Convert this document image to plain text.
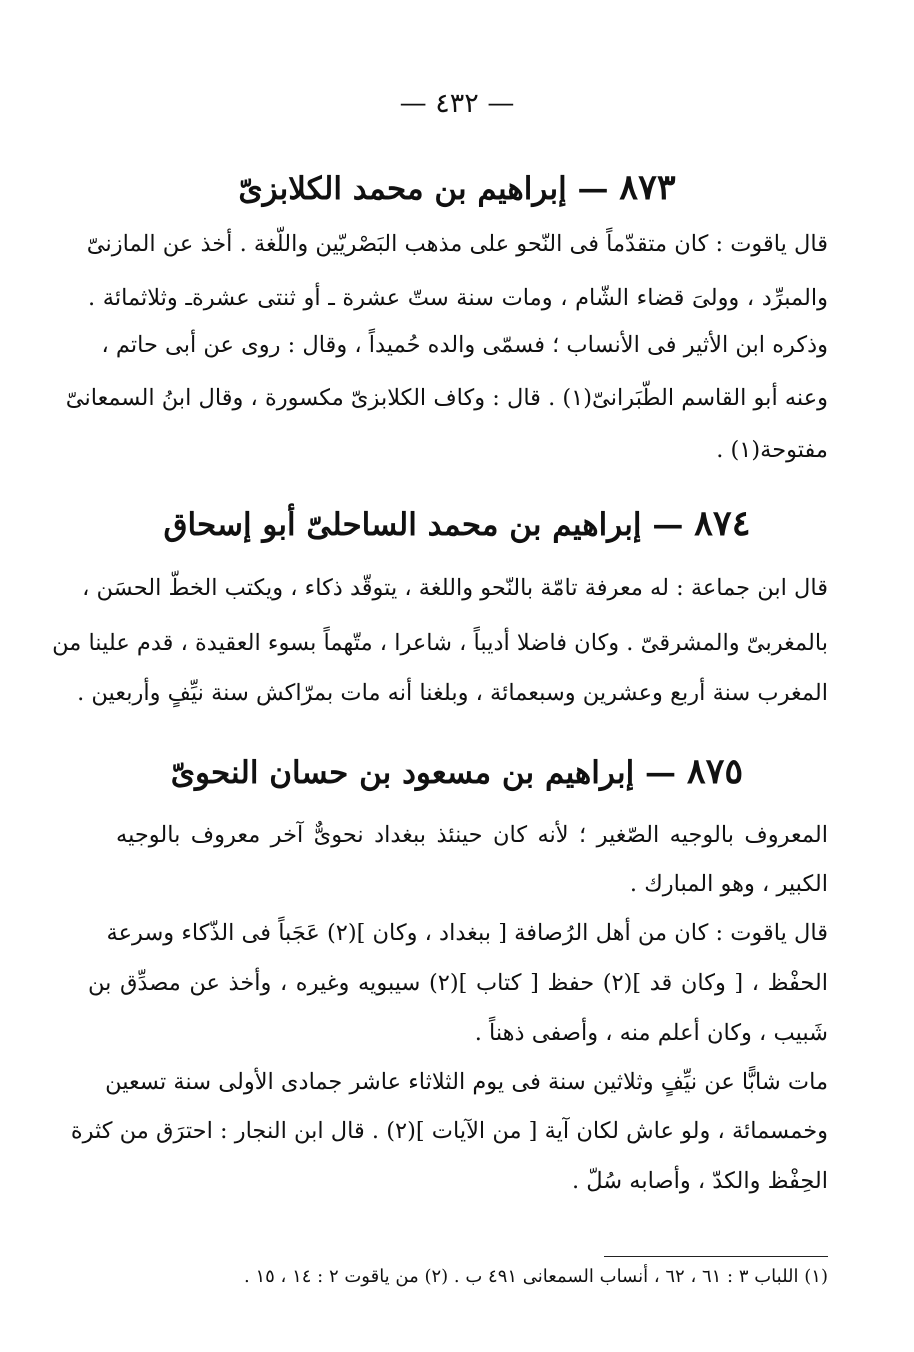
— ٤٣٢ —
٨٧٣ — إبراهيم بن محمد الكلابزىّ
قال ياقوت : كان متقدّماً فى النّحو على مذهب البَصْريّين واللّغة . أخذ عن المازنىّ
والمبرِّد ، وولىَ قضاء الشّام ، ومات سنة ستّ عشرة ـ أو ثنتى عشرةـ وثلاثمائة .
وذكره ابن الأثير فى الأنساب ؛ فسمّى والده حُميداً ، وقال : روى عن أبى حاتم ،
وعنه أبو القاسم الطّبَرانىّ(١) . قال : وكاف الكلابزىّ مكسورة ، وقال ابنُ السمعانىّ
مفتوحة(١) .
٨٧٤ — إبراهيم بن محمد الساحلىّ أبو إسحاق
قال ابن جماعة : له معرفة تامّة بالنّحو واللغة ، يتوقّد ذكاء ، ويكتب الخطّ الحسَن ،
بالمغربىّ والمشرقىّ . وكان فاضلا أديباً ، شاعرا ، متّهماً بسوء العقيدة ، قدم علينا من
المغرب سنة أربع وعشرين وسبعمائة ، وبلغنا أنه مات بمرّاكش سنة نيِّفٍ وأربعين .
٨٧٥ — إبراهيم بن مسعود بن حسان النحوىّ
المعروف بالوجيه الصّغير ؛ لأنه كان حينئذ ببغداد نحوىٌّ آخر معروف بالوجيه
الكبير ، وهو المبارك .
قال ياقوت : كان من أهل الرُصافة [ ببغداد ، وكان ](٢) عَجَباً فى الذّكاء وسرعة
الحفْظ ، [ وكان قد ](٢) حفظ [ كتاب ](٢) سيبويه وغيره ، وأخذ عن مصدِّق بن
شَبيب ، وكان أعلم منه ، وأصفى ذهناً .
مات شابًّا عن نيِّفٍ وثلاثين سنة فى يوم الثلاثاء عاشر جمادى الأولى سنة تسعين
وخمسمائة ، ولو عاش لكان آية [ من الآيات ](٢) . قال ابن النجار : احترَق من كثرة
الحِفْظ والكدّ ، وأصابه سُلّ .
(١) اللباب ٣ : ٦١ ، ٦٢ ، أنساب السمعانى ٤٩١ ب . (٢) من ياقوت ٢ : ١٤ ، ١٥ .
